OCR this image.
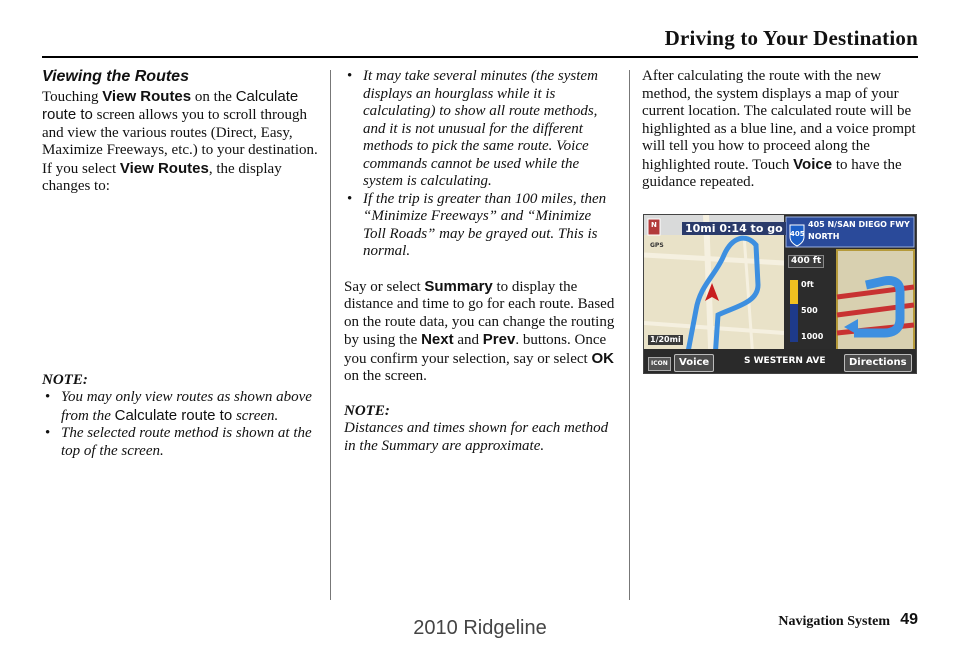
Driving to Your Destination
Viewing the Routes

Touching View Routes on the Calculate route to screen allows you to scroll through and view the various routes (Direct, Easy, Maximize Freeways, etc.) to your destination. If you select View Routes, the display changes to:

NOTE:
• You may only view routes as shown above from the Calculate route to screen.
• The selected route method is shown at the top of the screen.
• It may take several minutes (the system displays an hourglass while it is calculating) to show all route methods, and it is not unusual for the different methods to pick the same route. Voice commands cannot be used while the system is calculating.
• If the trip is greater than 100 miles, then “Minimize Freeways” and “Minimize Toll Roads” may be grayed out. This is normal.

Say or select Summary to display the distance and time to go for each route. Based on the route data, you can change the routing by using the Next and Prev. buttons. Once you confirm your selection, say or select OK on the screen.

NOTE:

Distances and times shown for each method in the Summary are approximate.

After calculating the route with the new method, the system displays a map of your current location. The calculated route will be highlighted as a blue line, and a voice prompt will tell you how to proceed along the highlighted route. Touch Voice to have the guidance repeated.

10mi 0:14 to go	405
405 N/SAN DIEGO FWY
NORTH
400 ft
0ft
500
1000
GPS
N
1/20mi
ICON	Voice	S WESTERN AVE	Directions
Navigation System 49
2010 Ridgeline
